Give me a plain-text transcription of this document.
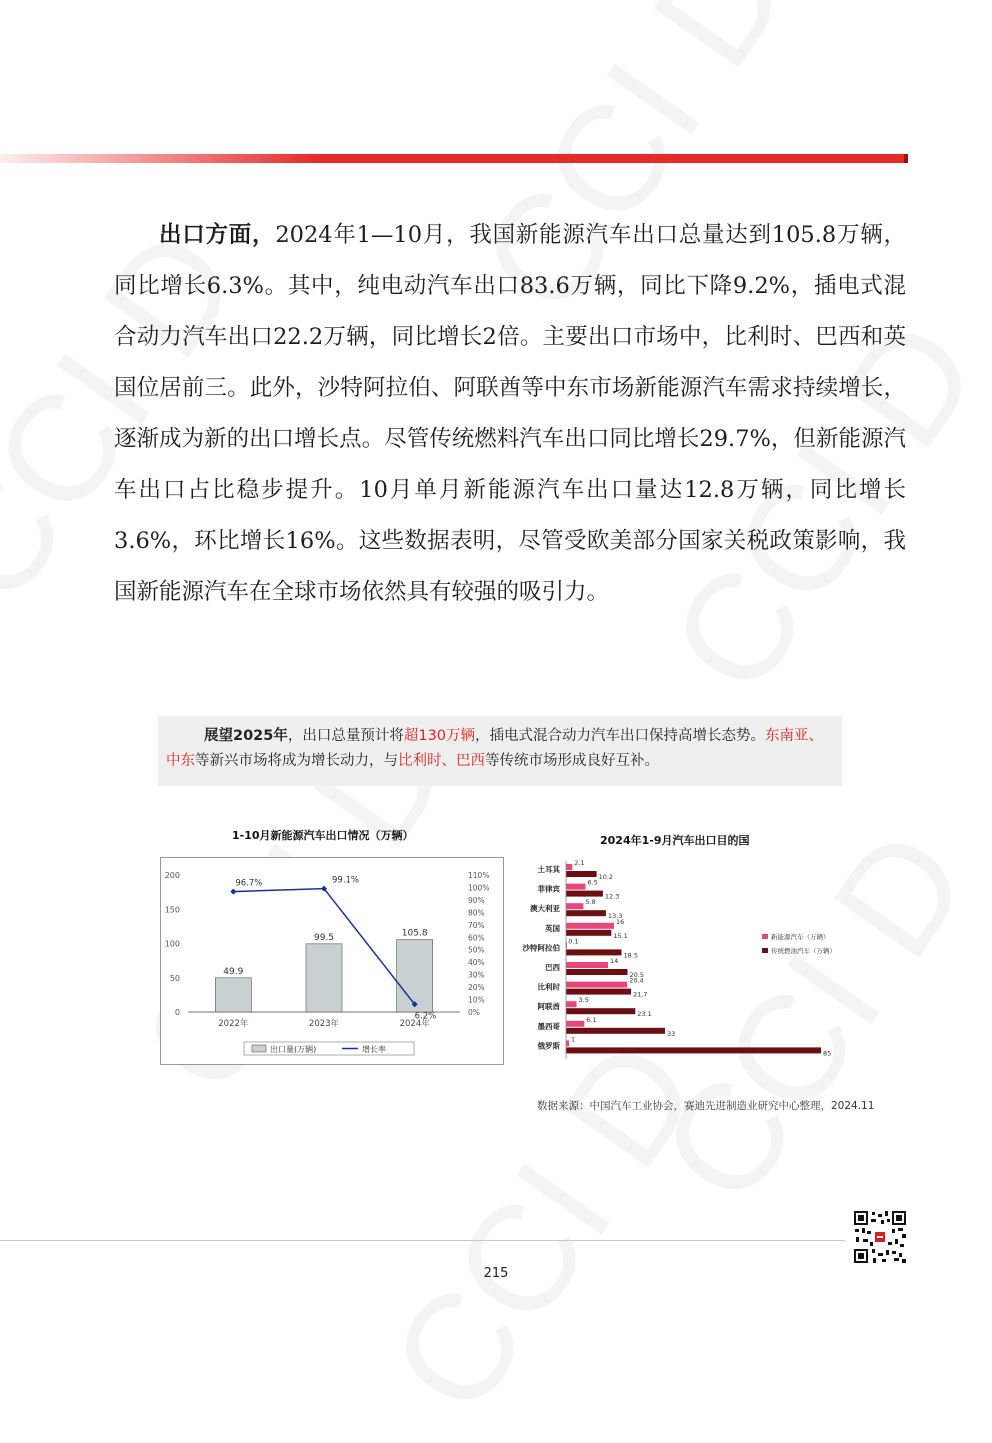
出口方面，2024年1—10月，我国新能源汽车出口总量达到105.8万辆，同比增长6.3%。其中，纯电动汽车出口83.6万辆，同比下降9.2%，插电式混合动力汽车出口22.2万辆，同比增长2倍。主要出口市场中，比利时、巴西和英国位居前三。此外，沙特阿拉伯、阿联酋等中东市场新能源汽车需求持续增长，逐渐成为新的出口增长点。尽管传统燃料汽车出口同比增长29.7%，但新能源汽车出口占比稳步提升。10月单月新能源汽车出口量达12.8万辆，同比增长3.6%，环比增长16%。这些数据表明，尽管受欧美部分国家关税政策影响，我国新能源汽车在全球市场依然具有较强的吸引力。

展望2025年，出口总量预计将超130万辆，插电式混合动力汽车出口保持高增长态势。东南亚、中东等新兴市场将成为增长动力，与比利时、巴西等传统市场形成良好互补。
1-10月新能源汽车出口情况（万辆）
200
150
100
50
0
110%
100%
90%
80%
70%
60%
50%
40%
30%
20%
10%
0%
49.9
2022年
99.5
2023年
105.8
2024年
96.7%	99.1%
6.2%
出口量(万辆)	增长率
2024年1-9月汽车出口目的国
土耳其
2.1
10.2
菲律宾
6.5
12.3
澳大利亚
5.8
13.3
英国
16
15.1
沙特阿拉伯
0.1
18.5
巴西
14
20.5
比利时
20.4
21.7
阿联酋
3.5
23.1
墨西哥
6.1
33
俄罗斯
1
85
新能源汽车（万辆）
传统燃油汽车（万辆）
数据来源：中国汽车工业协会，赛迪先进制造业研究中心整理，2024.11
215
